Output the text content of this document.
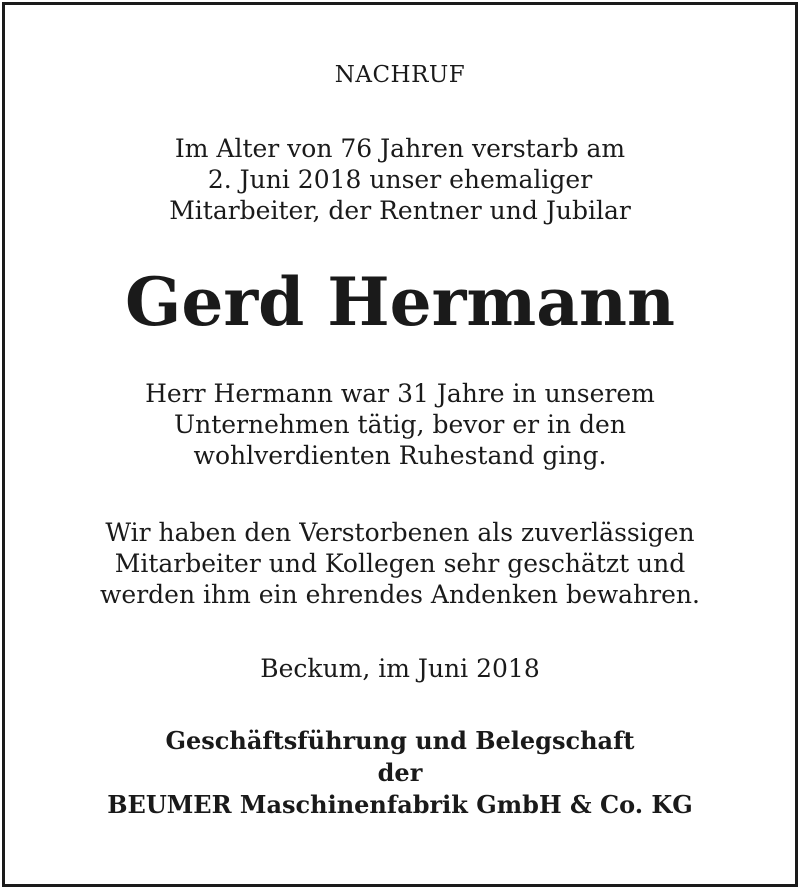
NACHRUF
Im Alter von 76 Jahren verstarb am
2. Juni 2018 unser ehemaliger
Mitarbeiter, der Rentner und Jubilar
Gerd Hermann
Herr Hermann war 31 Jahre in unserem
Unternehmen tätig, bevor er in den
wohlverdienten Ruhestand ging.
Wir haben den Verstorbenen als zuverlässigen
Mitarbeiter und Kollegen sehr geschätzt und
werden ihm ein ehrendes Andenken bewahren.
Beckum, im Juni 2018
Geschäftsführung und Belegschaft
der
BEUMER Maschinenfabrik GmbH & Co. KG
